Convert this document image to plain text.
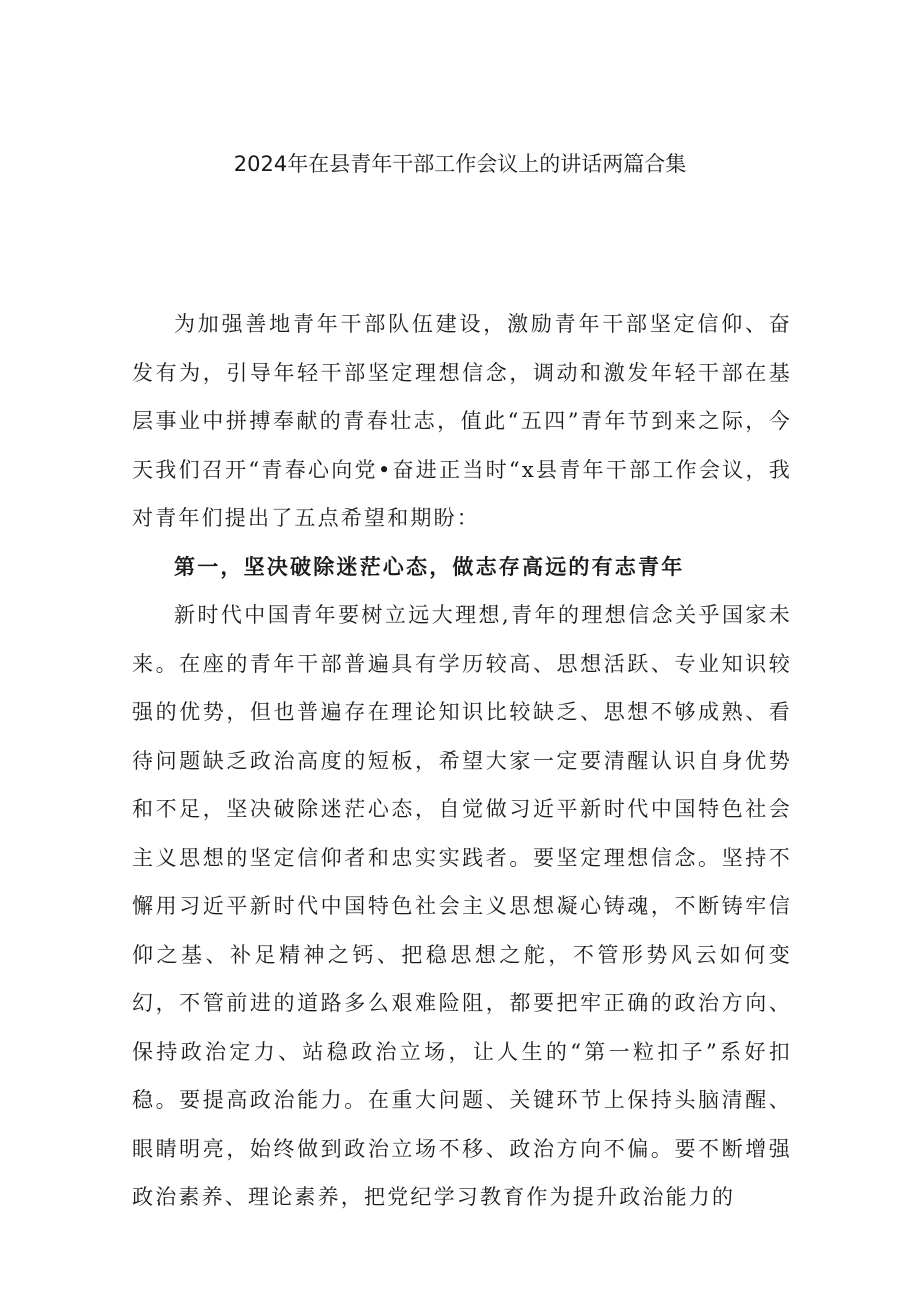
2024年在县青年干部工作会议上的讲话两篇合集

为加强善地青年干部队伍建设，激励青年干部坚定信仰、奋发有为，引导年轻干部坚定理想信念，调动和激发年轻干部在基层事业中拼搏奉献的青春壮志，值此“五四”青年节到来之际，今天我们召开“青春心向党•奋进正当时“x县青年干部工作会议，我对青年们提出了五点希望和期盼：

第一，坚决破除迷茫心态，做志存高远的有志青年

新时代中国青年要树立远大理想,青年的理想信念关乎国家未来。在座的青年干部普遍具有学历较高、思想活跃、专业知识较强的优势，但也普遍存在理论知识比较缺乏、思想不够成熟、看待问题缺乏政治高度的短板，希望大家一定要清醒认识自身优势和不足，坚决破除迷茫心态，自觉做习近平新时代中国特色社会主义思想的坚定信仰者和忠实实践者。要坚定理想信念。坚持不懈用习近平新时代中国特色社会主义思想凝心铸魂，不断铸牢信仰之基、补足精神之钙、把稳思想之舵，不管形势风云如何变幻，不管前进的道路多么艰难险阻，都要把牢正确的政治方向、保持政治定力、站稳政治立场，让人生的“第一粒扣子”系好扣稳。要提高政治能力。在重大问题、关键环节上保持头脑清醒、眼睛明亮，始终做到政治立场不移、政治方向不偏。要不断增强政治素养、理论素养，把党纪学习教育作为提升政治能力的
